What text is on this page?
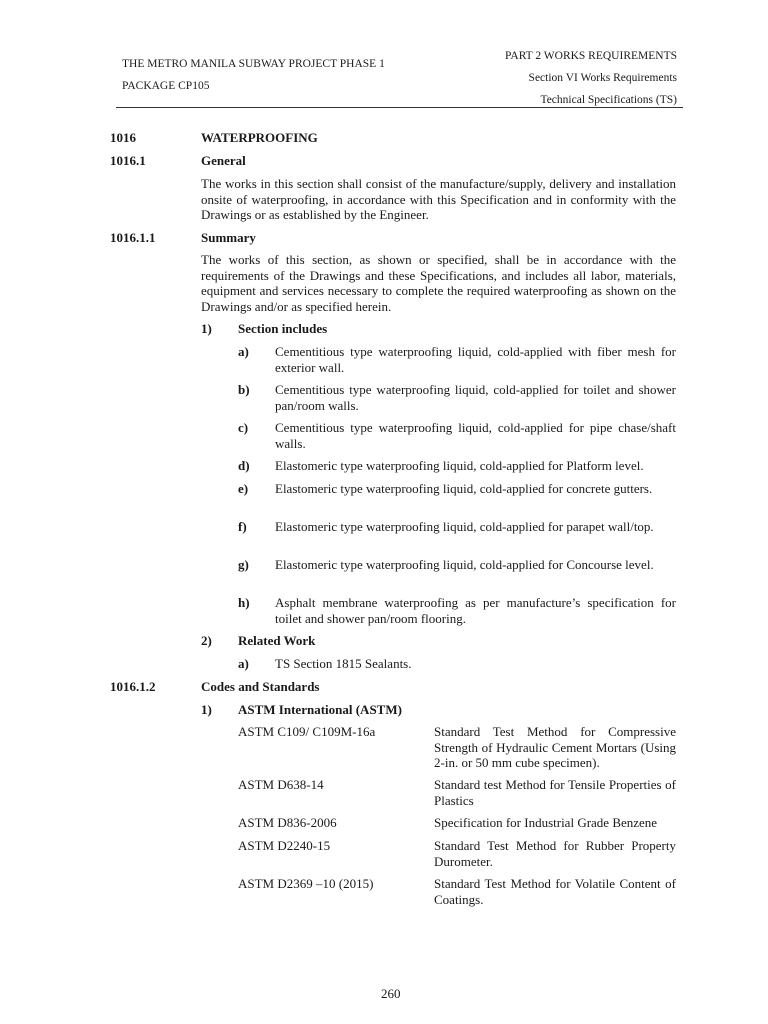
THE METRO MANILA SUBWAY PROJECT PHASE 1
PACKAGE CP105
PART 2 WORKS REQUIREMENTS
Section VI Works Requirements
Technical Specifications (TS)
1016	WATERPROOFING
1016.1	General
The works in this section shall consist of the manufacture/supply, delivery and installation onsite of waterproofing, in accordance with this Specification and in conformity with the Drawings or as established by the Engineer.
1016.1.1	Summary
The works of this section, as shown or specified, shall be in accordance with the requirements of the Drawings and these Specifications, and includes all labor, materials, equipment and services necessary to complete the required waterproofing as shown on the Drawings and/or as specified herein.
1) Section includes
a) Cementitious type waterproofing liquid, cold-applied with fiber mesh for exterior wall.
b) Cementitious type waterproofing liquid, cold-applied for toilet and shower pan/room walls.
c) Cementitious type waterproofing liquid, cold-applied for pipe chase/shaft walls.
d) Elastomeric type waterproofing liquid, cold-applied for Platform level.
e) Elastomeric type waterproofing liquid, cold-applied for concrete gutters.
f) Elastomeric type waterproofing liquid, cold-applied for parapet wall/top.
g) Elastomeric type waterproofing liquid, cold-applied for Concourse level.
h) Asphalt membrane waterproofing as per manufacture’s specification for toilet and shower pan/room flooring.
2) Related Work
a) TS Section 1815 Sealants.
1016.1.2	Codes and Standards
1) ASTM International (ASTM)
ASTM C109/ C109M-16a	Standard Test Method for Compressive Strength of Hydraulic Cement Mortars (Using 2-in. or 50 mm cube specimen).
ASTM D638-14	Standard test Method for Tensile Properties of Plastics
ASTM D836-2006	Specification for Industrial Grade Benzene
ASTM D2240-15	Standard Test Method for Rubber Property Durometer.
ASTM D2369 –10 (2015)	Standard Test Method for Volatile Content of Coatings.
260
